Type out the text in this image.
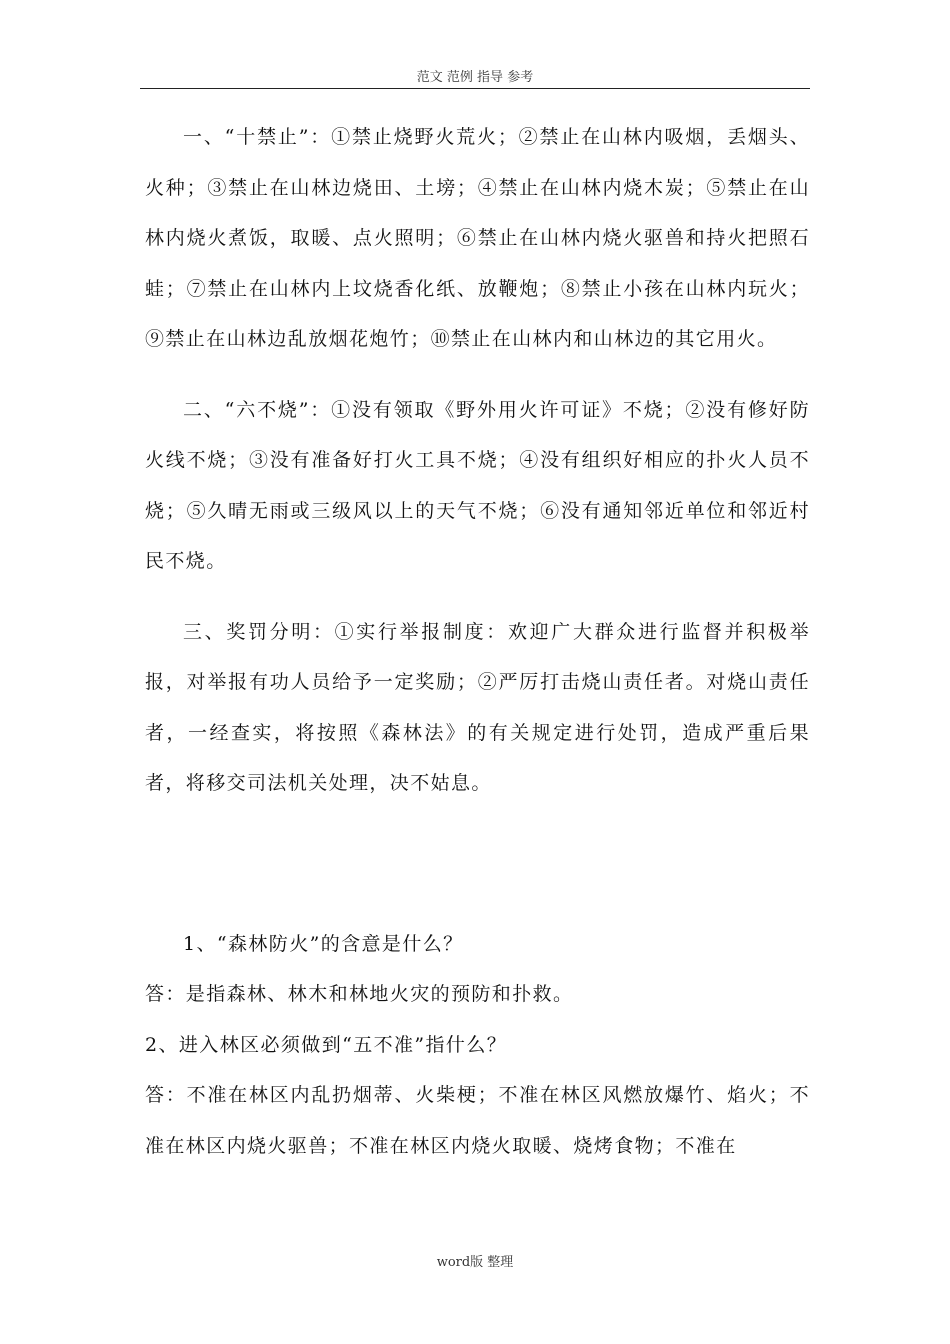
范文 范例 指导 参考

一、“十禁止”：①禁止烧野火荒火；②禁止在山林内吸烟，丢烟头、火种；③禁止在山林边烧田、土塝；④禁止在山林内烧木炭；⑤禁止在山林内烧火煮饭，取暖、点火照明；⑥禁止在山林内烧火驱兽和持火把照石蛙；⑦禁止在山林内上坟烧香化纸、放鞭炮；⑧禁止小孩在山林内玩火；⑨禁止在山林边乱放烟花炮竹；⑩禁止在山林内和山林边的其它用火。

二、“六不烧”：①没有领取《野外用火许可证》不烧；②没有修好防火线不烧；③没有准备好打火工具不烧；④没有组织好相应的扑火人员不烧；⑤久晴无雨或三级风以上的天气不烧；⑥没有通知邻近单位和邻近村民不烧。

三、奖罚分明：①实行举报制度：欢迎广大群众进行监督并积极举报，对举报有功人员给予一定奖励；②严厉打击烧山责任者。对烧山责任者，一经查实，将按照《森林法》的有关规定进行处罚，造成严重后果者，将移交司法机关处理，决不姑息。

1、“森林防火”的含意是什么？

答：是指森林、林木和林地火灾的预防和扑救。

2、进入林区必须做到“五不准”指什么？

答：不准在林区内乱扔烟蒂、火柴梗；不准在林区风燃放爆竹、焰火；不准在林区内烧火驱兽；不准在林区内烧火取暖、烧烤食物；不准在

word版 整理
